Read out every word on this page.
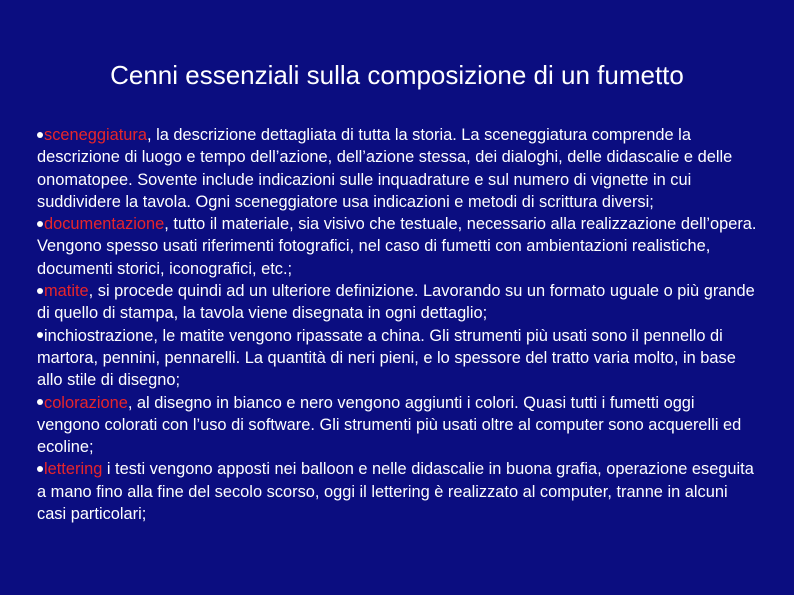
Cenni essenziali sulla composizione di un fumetto
sceneggiatura, la descrizione dettagliata di tutta la storia. La sceneggiatura comprende la descrizione di luogo e tempo dell’azione, dell’azione stessa, dei dialoghi, delle didascalie e delle onomatopee. Sovente include indicazioni sulle inquadrature e sul numero di vignette in cui suddividere la tavola. Ogni sceneggiatore usa indicazioni e metodi di scrittura diversi;
documentazione, tutto il materiale, sia visivo che testuale, necessario alla realizzazione dell’opera. Vengono spesso usati riferimenti fotografici, nel caso di fumetti con ambientazioni realistiche, documenti storici, iconografici, etc.;
matite, si procede quindi ad un ulteriore definizione. Lavorando su un formato uguale o più grande di quello di stampa, la tavola viene disegnata in ogni dettaglio;
inchiostrazione, le matite vengono ripassate a china. Gli strumenti più usati sono il pennello di martora, pennini, pennarelli. La quantità di neri pieni, e lo spessore del tratto varia molto, in base allo stile di disegno;
colorazione, al disegno in bianco e nero vengono aggiunti i colori. Quasi tutti i fumetti oggi vengono colorati con l’uso di software. Gli strumenti più usati oltre al computer sono acquerelli ed ecoline;
lettering i testi vengono apposti nei balloon e nelle didascalie in buona grafia, operazione eseguita a mano fino alla fine del secolo scorso, oggi il lettering è realizzato al computer, tranne in alcuni casi particolari;
